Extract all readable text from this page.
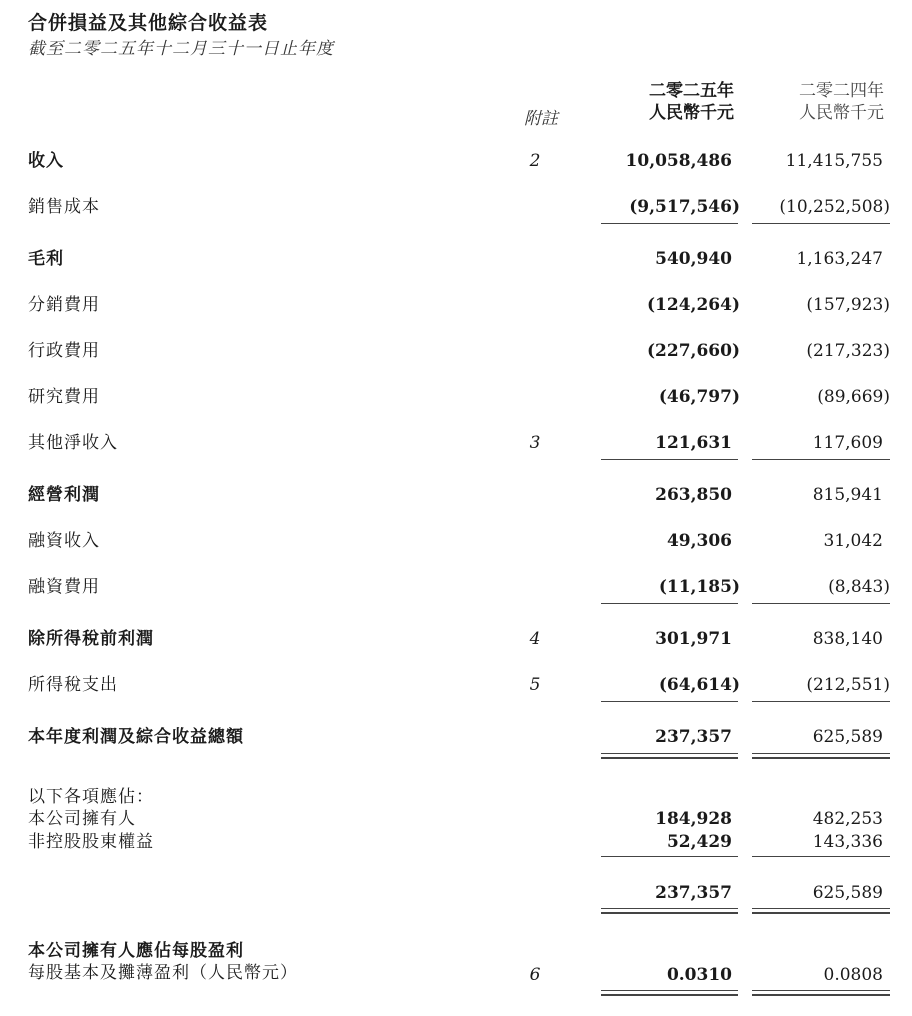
合併損益及其他綜合收益表
截至二零二五年十二月三十一日止年度
附註
二零二五年
人民幣千元
二零二四年
人民幣千元
收入	2	10,058,486	11,415,755
銷售成本	(9,517,546)	(10,252,508)
毛利	540,940	1,163,247
分銷費用	(124,264)	(157,923)
行政費用	(227,660)	(217,323)
研究費用	(46,797)	(89,669)
其他淨收入	3	121,631	117,609
經營利潤	263,850	815,941
融資收入	49,306	31,042
融資費用	(11,185)	(8,843)
除所得稅前利潤	4	301,971	838,140
所得稅支出	5	(64,614)	(212,551)
本年度利潤及綜合收益總額	237,357	625,589
以下各項應佔：
本公司擁有人	184,928	482,253
非控股股東權益	52,429	143,336
237,357	625,589
本公司擁有人應佔每股盈利
每股基本及攤薄盈利（人民幣元）	6	0.0310	0.0808
